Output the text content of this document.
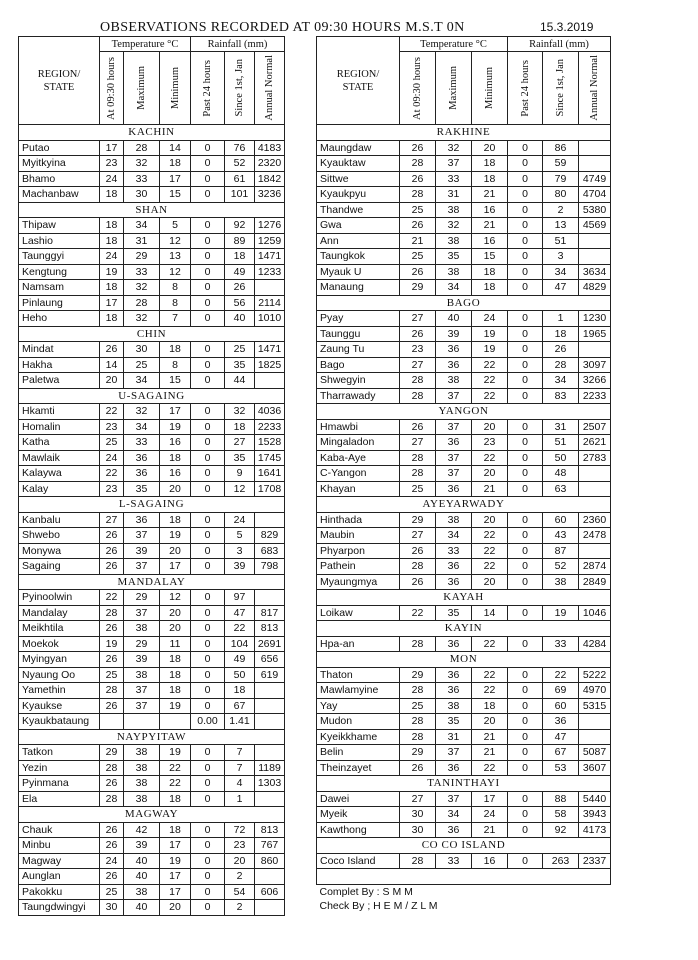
OBSERVATIONS RECORDED AT 09:30 HOURS M.S.T 0N	15.3.2019
REGION/
STATE	Temperature °C			Rainfall (mm)		

	At 09:30 hours	Maximum	Minimum	Past 24 hours	Since 1st, Jan	Annual Normal

KACHIN						
Putao	17	28	14	0	76	4183
Myitkyina	23	32	18	0	52	2320
Bhamo	24	33	17	0	61	1842
Machanbaw	18	30	15	0	101	3236
SHAN						
Thipaw	18	34	5	0	92	1276
Lashio	18	31	12	0	89	1259
Taunggyi	24	29	13	0	18	1471
Kengtung	19	33	12	0	49	1233
Namsam	18	32	8	0	26	
Pinlaung	17	28	8	0	56	2114
Heho	18	32	7	0	40	1010
CHIN						
Mindat	26	30	18	0	25	1471
Hakha	14	25	8	0	35	1825
Paletwa	20	34	15	0	44	
U-SAGAING						
Hkamti	22	32	17	0	32	4036
Homalin	23	34	19	0	18	2233
Katha	25	33	16	0	27	1528
Mawlaik	24	36	18	0	35	1745
Kalaywa	22	36	16	0	9	1641
Kalay	23	35	20	0	12	1708
L-SAGAING						
Kanbalu	27	36	18	0	24	
Shwebo	26	37	19	0	5	829
Monywa	26	39	20	0	3	683
Sagaing	26	37	17	0	39	798
MANDALAY						
Pyinoolwin	22	29	12	0	97	
Mandalay	28	37	20	0	47	817
Meikhtila	26	38	20	0	22	813
Moekok	19	29	11	0	104	2691
Myingyan	26	39	18	0	49	656
Nyaung Oo	25	38	18	0	50	619
Yamethin	28	37	18	0	18	
Kyaukse	26	37	19	0	67	
Kyaukbataung				0.00	1.41	
NAYPYITAW						
Tatkon	29	38	19	0	7	
Yezin	28	38	22	0	7	1189
Pyinmana	26	38	22	0	4	1303
Ela	28	38	18	0	1	
MAGWAY						
Chauk	26	42	18	0	72	813
Minbu	26	39	17	0	23	767
Magway	24	40	19	0	20	860
Aunglan	26	40	17	0	2	
Pakokku	25	38	17	0	54	606
Taungdwingyi	30	40	20	0	2	
REGION/
STATE	Temperature °C			Rainfall (mm)		

	At 09:30 hours	Maximum	Minimum	Past 24 hours	Since 1st, Jan	Annual Normal

RAKHINE						
Maungdaw	26	32	20	0	86	
Kyauktaw	28	37	18	0	59	
Sittwe	26	33	18	0	79	4749
Kyaukpyu	28	31	21	0	80	4704
Thandwe	25	38	16	0	2	5380
Gwa	26	32	21	0	13	4569
Ann	21	38	16	0	51	
Taungkok	25	35	15	0	3	
Myauk U	26	38	18	0	34	3634
Manaung	29	34	18	0	47	4829
BAGO						
Pyay	27	40	24	0	1	1230
Taunggu	26	39	19	0	18	1965
Zaung Tu	23	36	19	0	26	
Bago	27	36	22	0	28	3097
Shwegyin	28	38	22	0	34	3266
Tharrawady	28	37	22	0	83	2233
YANGON						
Hmawbi	26	37	20	0	31	2507
Mingaladon	27	36	23	0	51	2621
Kaba-Aye	28	37	22	0	50	2783
C-Yangon	28	37	20	0	48	
Khayan	25	36	21	0	63	
AYEYARWADY						
Hinthada	29	38	20	0	60	2360
Maubin	27	34	22	0	43	2478
Phyarpon	26	33	22	0	87	
Pathein	28	36	22	0	52	2874
Myaungmya	26	36	20	0	38	2849
KAYAH						
Loikaw	22	35	14	0	19	1046
KAYIN						
Hpa-an	28	36	22	0	33	4284
MON						
Thaton	29	36	22	0	22	5222
Mawlamyine	28	36	22	0	69	4970
Yay	25	38	18	0	60	5315
Mudon	28	35	20	0	36	
Kyeikkhame	28	31	21	0	47	
Belin	29	37	21	0	67	5087
Theinzayet	26	36	22	0	53	3607
TANINTHAYI						
Dawei	27	37	17	0	88	5440
Myeik	30	34	24	0	58	3943
Kawthong	30	36	21	0	92	4173
CO CO ISLAND						
Coco Island	28	33	16	0	263	2337

Complet By : S M M						
Check By ; H E M / Z L M						
